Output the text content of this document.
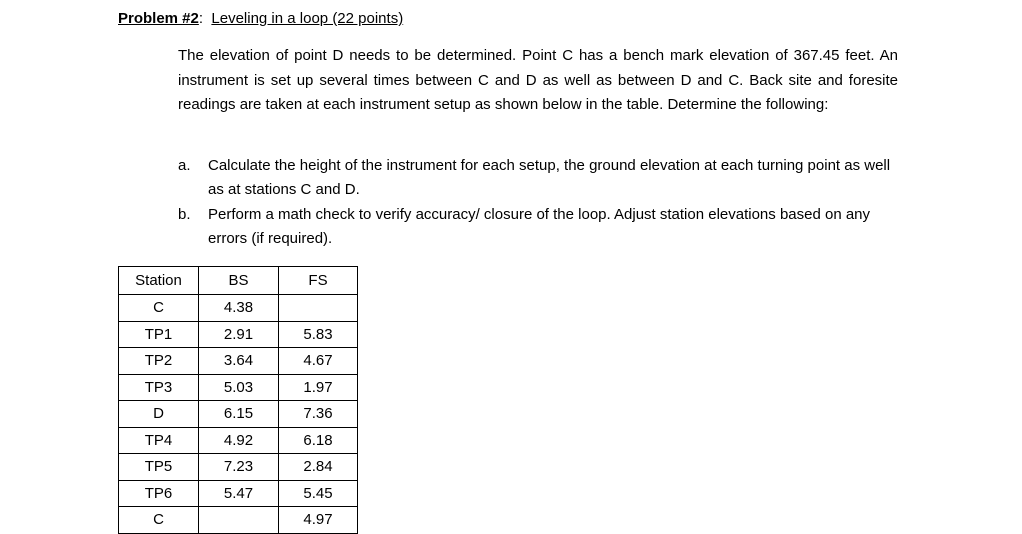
Problem #2: Leveling in a loop (22 points)
The elevation of point D needs to be determined. Point C has a bench mark elevation of 367.45 feet. An instrument is set up several times between C and D as well as between D and C. Back site and foresite readings are taken at each instrument setup as shown below in the table. Determine the following:
a. Calculate the height of the instrument for each setup, the ground elevation at each turning point as well as at stations C and D.
b. Perform a math check to verify accuracy/ closure of the loop. Adjust station elevations based on any errors (if required).
Station	BS	FS
C	4.38	
TP1	2.91	5.83
TP2	3.64	4.67
TP3	5.03	1.97
D	6.15	7.36
TP4	4.92	6.18
TP5	7.23	2.84
TP6	5.47	5.45
C		4.97
